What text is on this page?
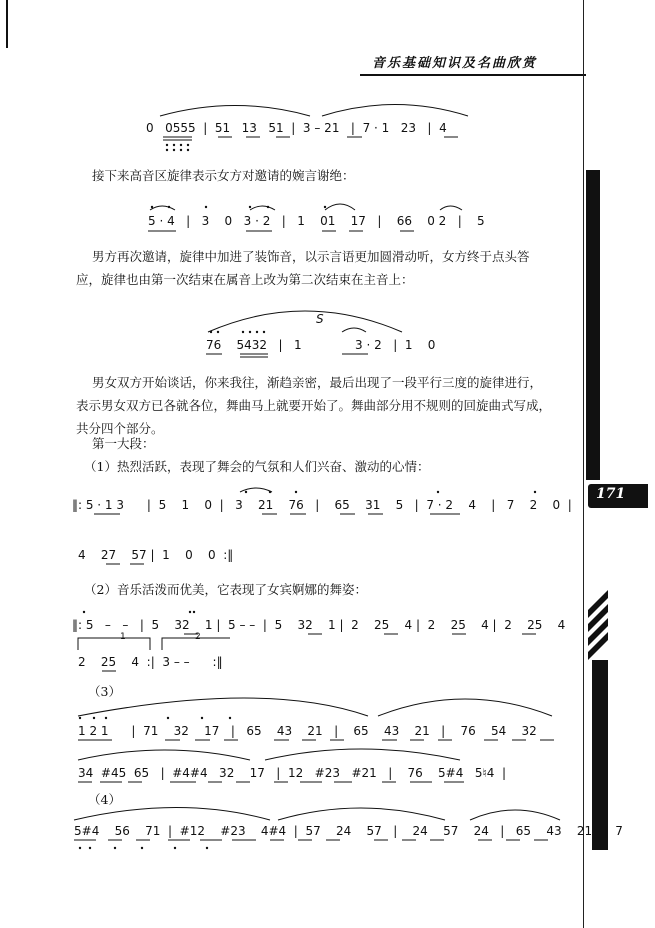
音乐基础知识及名曲欣赏
171
0   0555  |  51   13   51  |  3 – 21   |  7 · 1   23   |  4
接下来高音区旋律表示女方对邀请的婉言谢绝：
5 · 4   |   3    0   3 · 2   |   1    01    17   |    66    0 2   |    5
男方再次邀请，旋律中加进了装饰音，以示言语更加圆滑动听，女方终于点头答
应，旋律也由第一次结束在属音上改为第二次结束在主音上：
76    5432   |   1              3 · 2   |  1    0
S
男女双方开始谈话，你来我往，渐趋亲密，最后出现了一段平行三度的旋律进行，
表示男女双方已各就各位，舞曲马上就要开始了。舞曲部分用不规则的回旋曲式写成，
共分四个部分。
第一大段：
（1）热烈活跃，表现了舞会的气氛和人们兴奋、激动的心情：
‖: 5 · 1 3      |  5    1    0  |   3    21    76   |    65    31    5   |  7 · 2    4    |   7    2    0  |
4    27    57 |  1    0    0  :‖
（2）音乐活泼而优美，它表现了女宾婀娜的舞姿：
‖: 5   –   –   |  5    32    1 |  5 – –  |  5    32    1 |  2    25    4 |  2    25    4 |  2    25    4
2    25    4  :|  3 – –      :‖
1	2
（3）
1 2 1      |  71    32    17   |   65    43    21   |    65    43    21   |    76    54    32
34  #45  65   |  #4#4   32    17   |  12   #23   #21   |    76    5#4   5♮4  |
（4）
5#4    56    71  |  #12    #23    4#4  |  57    24    57   |    24    57    24   |   65    43    21   |  7
